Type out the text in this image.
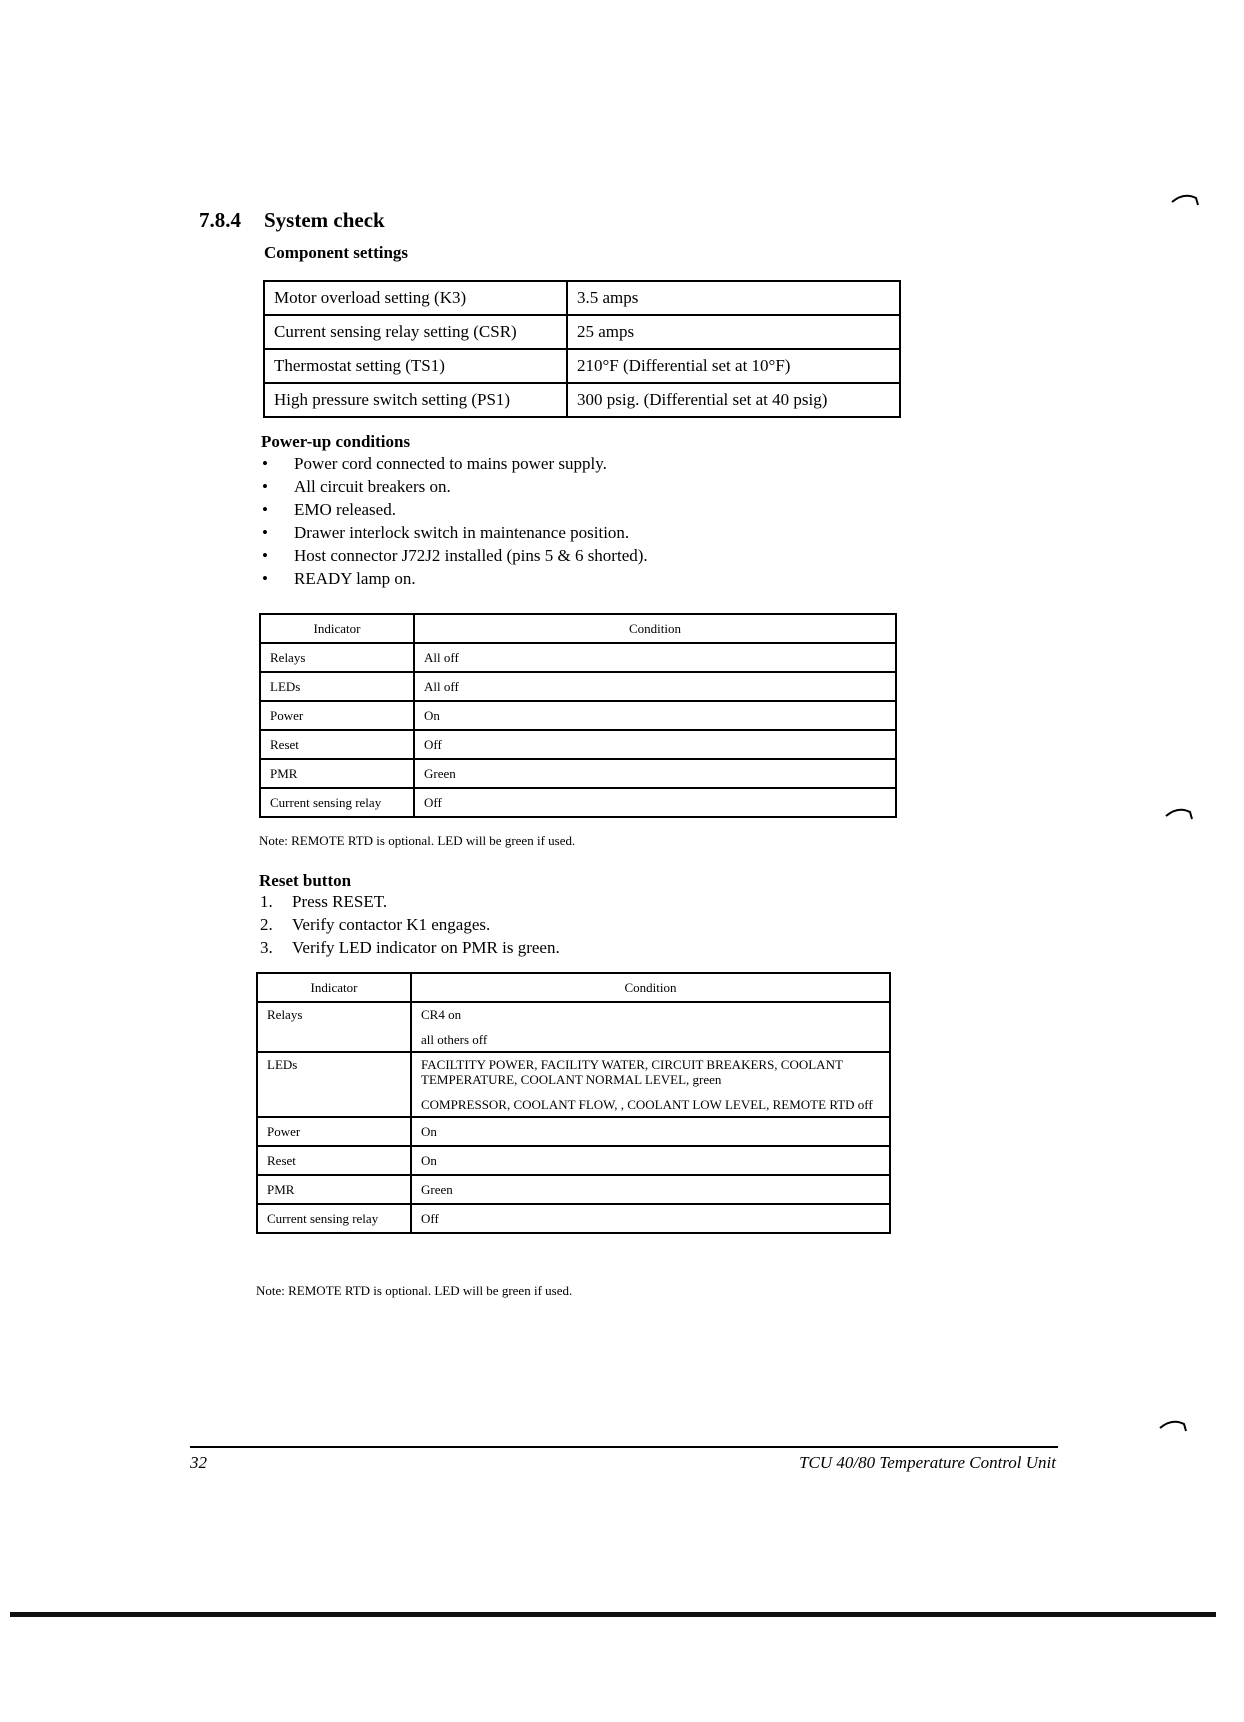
7.8.4 System check
Component settings
Motor overload setting (K3)	3.5 amps
Current sensing relay setting (CSR)	25 amps
Thermostat setting (TS1)	210°F (Differential set at 10°F)
High pressure switch setting (PS1)	300 psig. (Differential set at 40 psig)
Power-up conditions
• Power cord connected to mains power supply.
• All circuit breakers on.
• EMO released.
• Drawer interlock switch in maintenance position.
• Host connector J72J2 installed (pins 5 & 6 shorted).
• READY lamp on.
Indicator	Condition
Relays	All off
LEDs	All off
Power	On
Reset	Off
PMR	Green
Current sensing relay	Off
Note: REMOTE RTD is optional. LED will be green if used.
Reset button
1. Press RESET.
2. Verify contactor K1 engages.
3. Verify LED indicator on PMR is green.
Indicator	Condition
Relays	CR4 on

all others off

LEDs	FACILTITY POWER, FACILITY WATER, CIRCUIT BREAKERS, COOLANT TEMPERATURE, COOLANT NORMAL LEVEL, green

COMPRESSOR, COOLANT FLOW, , COOLANT LOW LEVEL, REMOTE RTD off

Power	On
Reset	On
PMR	Green
Current sensing relay	Off
Note: REMOTE RTD is optional. LED will be green if used.
32	TCU 40/80 Temperature Control Unit
